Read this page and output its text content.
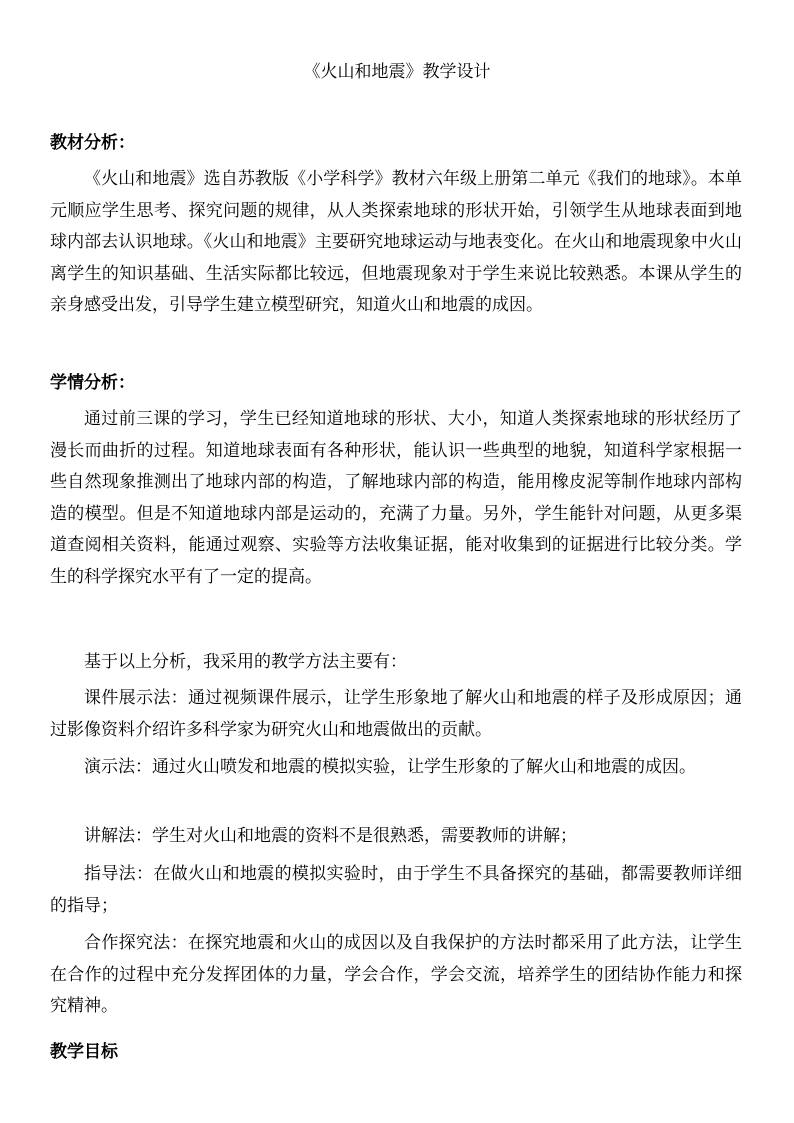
《火山和地震》教学设计
教材分析：
《火山和地震》选自苏教版《小学科学》教材六年级上册第二单元《我们的地球》。本单元顺应学生思考、探究问题的规律，从人类探索地球的形状开始，引领学生从地球表面到地球内部去认识地球。《火山和地震》主要研究地球运动与地表变化。在火山和地震现象中火山离学生的知识基础、生活实际都比较远，但地震现象对于学生来说比较熟悉。本课从学生的亲身感受出发，引导学生建立模型研究，知道火山和地震的成因。
学情分析：
通过前三课的学习，学生已经知道地球的形状、大小，知道人类探索地球的形状经历了漫长而曲折的过程。知道地球表面有各种形状，能认识一些典型的地貌，知道科学家根据一些自然现象推测出了地球内部的构造，了解地球内部的构造，能用橡皮泥等制作地球内部构造的模型。但是不知道地球内部是运动的，充满了力量。另外，学生能针对问题，从更多渠道查阅相关资料，能通过观察、实验等方法收集证据，能对收集到的证据进行比较分类。学生的科学探究水平有了一定的提高。
基于以上分析，我采用的教学方法主要有：
课件展示法：通过视频课件展示，让学生形象地了解火山和地震的样子及形成原因；通过影像资料介绍许多科学家为研究火山和地震做出的贡献。
演示法：通过火山喷发和地震的模拟实验，让学生形象的了解火山和地震的成因。
讲解法：学生对火山和地震的资料不是很熟悉，需要教师的讲解；
指导法：在做火山和地震的模拟实验时，由于学生不具备探究的基础，都需要教师详细的指导；
合作探究法：在探究地震和火山的成因以及自我保护的方法时都采用了此方法，让学生在合作的过程中充分发挥团体的力量，学会合作，学会交流，培养学生的团结协作能力和探究精神。
教学目标
